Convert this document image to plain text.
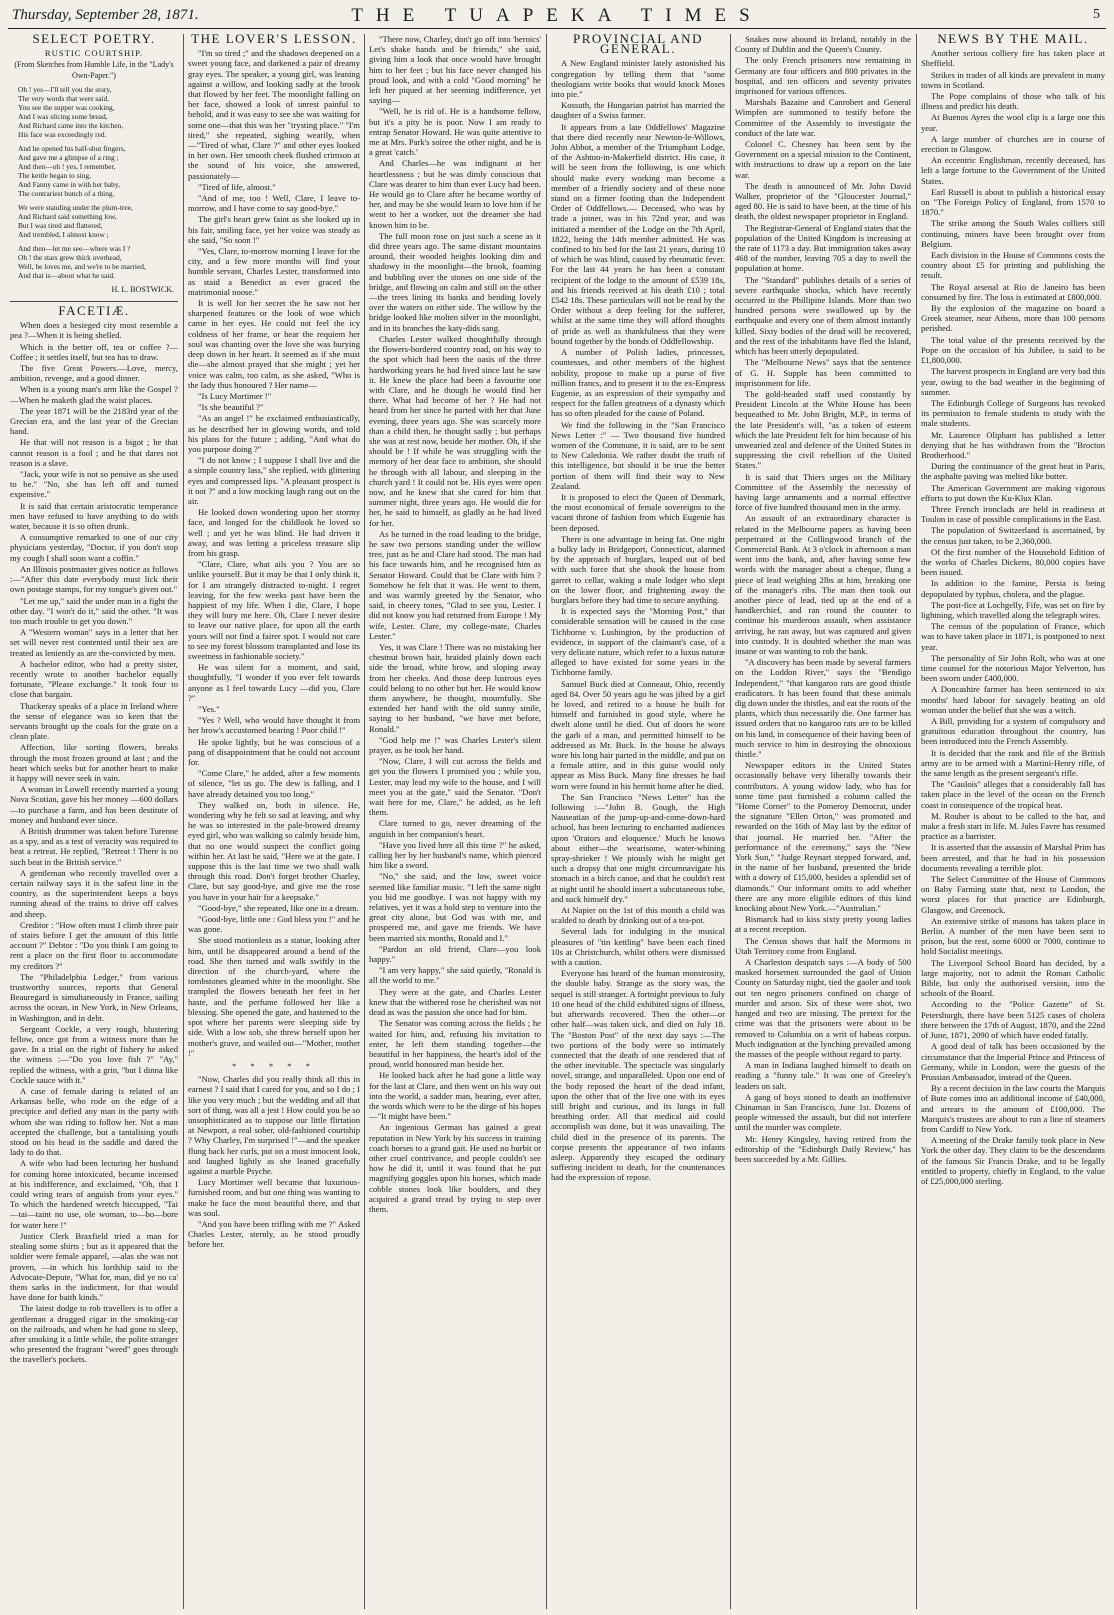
Thursday, September 28, 1871.	THE TUAPEKA TIMES	5
SELECT POETRY.
RUSTIC COURTSHIP.
(From Sketches from Humble Life, in the "Lady's Own-Paper.")
Oh ! yes—I'll tell you the story,
The very words that were said.
You see the supper was cooking,
And I was slicing some bread,
And Richard came into the kitchen,
His face was exceedingly red.
And he opened his half-shut fingers,
And gave me a glimpse of a ring ;
And then—oh ! yes, I remember,
The kettle began to sing,
And Fanny came in with her baby,
The contrariest bunch of a thing.
We were standing under the plum-tree,
And Richard said something low,
But I was tired and flattered,
And trembled, I almost know ;
And then—let me see—where was I ?
Oh ! the stars grew thick overhead,
Well, he loves me, and we're to be married,
And that is—about what he said.
H. L. BOSTWICK.
FACETIÆ.

When does a besieged city most resemble a pea ?—When it is being shelled.

Which is the better off, tea or coffee ?—Coffee ; it settles itself, but tea has to draw.

The five Great Powers.—Love, mercy, ambition, revenge, and a good dinner.

When is a young man's arm like the Gospel ?—When he maketh glad the waist places.

The year 1871 will be the 2183rd year of the Grecian era, and the last year of the Grecian hand.

He that will not reason is a bigot ; he that cannot reason is a fool ; and he that dares not reason is a slave.

"Jack, your wife is not so pensive as she used to be." "No, she has left off and turned expensive."

It is said that certain aristocratic temperance men have refused to have anything to do with water, because it is so often drunk.

A consumptive remarked to one of our city physicians yesterday, "Doctor, if you don't stop my cough I shall soon want a coffin."

An Illinois postmaster gives notice as follows :—"After this date everybody must lick their own postage stamps, for my tongue's given out."

"Let me up," said the under man in a fight the other day. "I won't do it," said the other. "It was too much trouble to get you down."

A "Western woman" says in a letter that her set will never rest contented until their sex are treated as leniently as are the-convicted by men.

A bachelor editor, who had a pretty sister, recently wrote to another bachelor equally fortunate, "Please exchange." It took four to close that bargain.

Thackeray speaks of a place in Ireland where the sense of elegance was so keen that the servants brought up the coals for the grate on a clean plate.

Affection, like sorting flowers, breaks through the most frozen ground at last ; and the heart which seeks but for another heart to make it happy will never seek in vain.

A woman in Lowell recently married a young Nova Scotian, gave his her money —600 dollars—to purchase a farm, and has been destitute of money and husband ever since.

A British drummer was taken before Turenne as a spy, and as a test of veracity was required to beat a retreat. He replied, "Retreat ! There is no such beat in the British service."

A gentleman who recently travelled over a certain railway says it is the safest line in the country, as the superintendent keeps a boys running ahead of the trains to drive off calves and sheep.

Creditor : "How often must I climb three pair of stairs before I get the amount of this little account ?" Debtor : "Do you think I am going to rent a place on the first floor to accommodate my creditors ?"

The "Philadelphia Ledger," from various trustworthy sources, reports that General Beauregard is simultaneously in France, sailing across the ocean, in New York, in New Orleans, in Washington, and in debt.

Sergeant Cockle, a very rough, blustering fellow, once got from a witness more than he gave. In a trial on the right of fishery he asked the witness :—"Do you love fish ?" "Ay," replied the witness, with a grin, "but I dinna like Cockle sauce with it."

A case of female daring is related of an Arkansas belle, who rode on the edge of a precipice and defied any man in the party with whom she was riding to follow her. Not a man accepted the challenge, but a tantalising youth stood on his head in the saddle and dared the lady to do that.

A wife who had been lecturing her husband for coming home intoxicated, became incensed at his indifference, and exclaimed, "Oh, that I could wring tears of anguish from your eyes." To which the hardened wretch hiccupped, "Tai—tai—taint no use, ole woman, to—bo—bore for water here !"

Justice Clerk Braxfield tried a man for stealing some shirts ; but as it appeared that the soldier were female apparel, —alas she was not proven, —in which his lordship said to the Advocate-Depute, "What for, man, did ye no ca' them sarks in the indictment, for that would have done for baith kinds."

The latest dodge to rob travellers is to offer a gentleman a drugged cigar in the smoking-car on the railroads, and when he had gone to sleep, after smoking it a little while, the polite stranger who presented the fragrant "weed" goes through the traveller's pockets.

THE LOVER'S LESSON.

"I'm so tired ;" and the shadows deepened on a sweet young face, and darkened a pair of dreamy gray eyes. The speaker, a young girl, was leaning against a willow, and looking sadly at the brook that flowed by her feet. The moonlight falling on her face, showed a look of unrest painful to behold, and it was easy to see she was waiting for some one—that this was her "trysting place." "I'm tired," she repeated, sighing wearily, when—"Tired of what, Clare ?" and other eyes looked in her own. Her smooth cheek flushed crimson at the sound of his voice, she answered, passionately—

"Tired of life, almost."

"And of me, too ! Well, Clare, I leave to-morrow, and I have come to say good-bye."

The girl's heart grew faint as she looked up in his fair, smiling face, yet her voice was steady as she said, "So soon !"

"Yes, Clare, to-morrow morning I leave for the city, and a few more months will find your humble servant, Charles Lester, transformed into as staid a Benedict as ever graced the matrimonial noose."

It is well for her secret the he saw not her sharpened features or the look of woe which came in her eyes. He could not feel the icy coldness of her frame, or hear the requiem her soul was chanting over the love she was burying deep down in her heart. It seemed as if she must die—she almost prayed that she might ; yet her voice was calm, too calm, as she asked, "Who is the lady thus honoured ? Her name—

"Is Lucy Mortimer !"

"Is she beautiful ?"

"As an angel !" he exclaimed enthusiastically, as he described her in glowing words, and told his plans for the future ; adding, "And what do you purpose doing ?"

"I do not know ; I suppose I shall live and die a simple country lass," she replied, with glittering eyes and compressed lips. "A pleasant prospect is it not ?" and a low mocking laugh rang out on the air.

He looked down wondering upon her stormy face, and longed for the childlook he loved so well ; and yet he was blind. He had driven it away, and was letting a priceless treasure slip from his grasp.

"Clare, Clare, what ails you ? You are so unlike yourself. But it may be that I only think it, for I am strangely distracted to-night. I regret leaving, for the few weeks past have been the happiest of my life. When I die, Clare, I hope they will bury me here. Oh, Clare I never desire to leave our native place, for upon all the earth yours will not find a fairer spot. I would not care to see my forest blossom transplanted and lose its sweetness in fashionable society."

He was silent for a moment, and said, thoughtfully, "I wonder if you ever felt towards anyone as I feel towards Lucy —did you, Clare ?"

"Yes."

"Yes ? Well, who would have thought it from her brow's accustomed bearing ! Poor child !"

He spoke lightly, but he was conscious of a pang of disappointment that he could not account for.

"Come Clare," he added, after a few moments of silence, "let us go. The dew is falling, and I have already detained you too long."

They walked on, both in silence. He, wondering why he felt so sad at leaving, and why he was so interested in the pale-browed dreamy eyed girl, who was walking so calmly beside him, that no one would suspect the conflict going within her. At last he said, "Here we at the gate. I suppose this is the last time we two shall walk through this road. Don't forget brother Charley, Clare, but say good-bye, and give me the rose you have in your hair for a keepsake."

"Good-bye," she repeated, like one in a dream.

"Good-bye, little one : God bless you !" and he was gone.

She stood motionless as a statue, looking after him, until he disappeared around a bend of the road. She then turned and walk swiftly in the direction of the church-yard, where the tombstones gleamed white in the moonlight. She trampled the flowers beneath her feet in her haste, and the perfume followed her like a blessing. She opened the gate, and hastened to the spot where her parents were sleeping side by side. With a low sob, she threw herself upon her mother's grave, and wailed out—"Mother, mother !"

* * * * *

"Now, Charles did you really think all this in earnest ? I said that I cared for you, and so I do ; I like you very much ; but the wedding and all that sort of thing, was all a jest ! How could you be so unsophisticated as to suppose our little flirtation at Newport, a real sober, old-fashioned courtship ? Why Charley, I'm surprised !"—and the speaker flung back her curls, put on a most innocent look, and laughed lightly as she leaned gracefully against a marble Psyche.

Lucy Mortimer well became that luxurious-furnished room, and but one thing was wanting to make he face the most beautiful there, and that was soul.

"And you have been trifling with me ?" Asked Charles Lester, sternly, as he stood proudly before her.

"There now, Charley, don't go off into 'heroics' Let's shake hands and be friends," she said, giving him a look that once would have brought him to her feet ; but his face never changed his proud look, and with a cold "Good morning" he left her piqued at her seeming indifference, yet saying—

"Well, he is rid of. He is a handsome fellow, but it's a pity he is poor. Now I am ready to entrap Senator Howard. He was quite attentive to me at Mrs. Park's soiree the other night, and he is a great 'catch.'

And Charles—he was indignant at her heartlessness ; but he was dimly conscious that Clare was dearer to him than ever Lucy had been. He would go to Clare after he became worthy of her, and may be she would learn to love him if he went to her a worker, not the dreamer she had known him to be.

The full moon rose on just such a scene as it did three years ago. The same distant mountains around, their wooded heights looking dim and shadowy in the moonlight—the brook, foaming and bubbling over the stones on one side of the bridge, and flowing on calm and still on the other—the trees lining its banks and bending lovely over the waters on either side. The willow by the bridge looked like molten silver in the moonlight, and in its branches the katy-dids sang.

Charles Lester walked thoughtfully through the flowers-bordered country road, on his way to the spot which had been the oasis of the three hardworking years he had lived since last he saw it. He knew the place had been a favourite one with Clare, and he though he would find her there. What had become of her ? He had not heard from her since he parted with her that June evening, three years ago. She was scarcely more than a child then, he thought sadly ; but perhaps she was at rest now, beside her mother. Oh, if she should be ! If while he was struggling with the memory of her dear face to ambition, she should be through with all labour, and sleeping in the church yard ! It could not be. His eyes were open now, and he knew that she cared for him that summer night, three years ago. He would die for her, he said to himself, as gladly as he had lived for her.

As he turned in the road leading to the bridge, he saw two persons standing under the willow tree, just as he and Clare had stood. The man had his face towards him, and he recognised him as Senator Howard. Could that be Clare with him ? Somehow he felt that it was. He went to them, and was warmly greeted by the Senator, who said, in cheery tones, "Glad to see you, Lester. I did not know you had returned from Europe ! My wife, Lester. Clare, my college-mate, Charles Lester."

Yes, it was Clare ! There was no mistaking her chestnut brown hair, braided plainly down each side the broad, white brow, and sloping away from her cheeks. And those deep lustrous eyes could belong to no other but her. He would know them anywhere, he thought, mournfully. She extended her hand with the old sunny smile, saying to her husband, "we have met before, Ronald."

"God help me !" was Charles Lester's silent prayer, as he took her hand.

"Now, Clare, I will cut across the fields and get you the flowers I promised you ; while you, Lester, may lead my wife to the house, and I will meet you at the gate," said the Senator. "Don't wait here for me, Clare," he added, as he left them.

Clare turned to go, never dreaming of the anguish in her companion's heart.

"Have you lived here all this time ?" he asked, calling her by her husband's name, which pierced him like a sword.

"No," she said, and the low, sweet voice seemed like familiar music. "I left the same night you bid me goodbye. I was not happy with my relatives, yet it was a bold step to venture into the great city alone, but God was with me, and prospered me, and gave me friends. We have been married six months, Ronald and I."

"Pardon an old friend, Clare—you look happy."

"I am very happy," she said quietly, "Ronald is all the world to me."

They were at the gate, and Charles Lester knew that the withered rose he cherished was not dead as was the passion she once had for him.

The Senator was coming across the fields ; he waited for him, and, refusing his invitation to enter, he left them standing together—the beautiful in her happiness, the heart's idol of the proud, world honoured man beside her.

He looked back after he had gone a little way for the last at Clare, and then went on his way out into the world, a sadder man, bearing, ever after, the words which were to be the dirge of his hopes—"It might have been."

An ingenious German has gained a great reputation in New York by his success in training coach horses to a grand gait. He used no burbit or other cruel contrivance, and people couldn't see how he did it, until it was found that he put magnifying goggles upon his horses, which made cobble stones look like boulders, and they acquired a grand tread by trying to step over them.

PROVINCIAL AND GENERAL.

A New England minister lately astonished his congregation by telling them that "some theologians write books that would knock Moses into pie."

Kossuth, the Hungarian patriot has married the daughter of a Swiss farmer.

It appears from a late Oddfellows' Magazine that there died recently near Newton-le-Willows, John Abbot, a member of the Triumphant Lodge, of the Ashton-in-Makerfield district. His case, it will be seen from the following, is one which should make every working man become a member of a friendly society and of these none stand on a firmer footing than the Independent Order of Oddfellows.— Deceased, who was by trade a joiner, was in his 72nd year, and was initiated a member of the Lodge on the 7th April, 1822, being the 14th member admitted. He was confined to his bed for the last 21 years, during 10 of which he was blind, caused by rheumatic fever. For the last 44 years he has been a constant recipient of the lodge to the amount of £539 18s, and his friends received at his death £10 ; total £542 18s. These particulars will not be read by the Order without a deep feeling for the sufferer, whilst at the same time they will afford thoughts of pride as well as thankfulness that they were bound together by the bonds of Oddfellowship.

A number of Polish ladies, princesses, countesses, and other members of the highest nobility, propose to make up a purse of five million francs, and to present it to the ex-Empress Eugenie, as an expression of their sympathy and respect for the fallen greatness of a dynasty which has so often pleaded for the cause of Poland.

We find the following in the "San Francisco News Letter :" — Two thousand five hundred women of the Commune, it is said, are to be sent to New Caledonia. We rather doubt the truth of this intelligence, but should it be true the better portion of them will find their way to New Zealand.

It is proposed to elect the Queen of Denmark, the most economical of female sovereigns to the vacant throne of fashion from which Eugenie has been deposed.

There is one advantage in being fat. One night a bulky lady in Bridgeport, Connecticut, alarmed by the approach of burglars, leaped out of bed with such force that she shook the house from garret to cellar, waking a male lodger who slept on the lower floor, and frightening away the burglars before they had time to secure anything.

It is expected says the "Morning Post," that considerable sensation will be caused in the case Tichborne v. Lushington, by the production of evidence, in support of the claimant's case, of a very delicate nature, which refer to a luxus naturæ alleged to have existed for some years in the Tichborne family.

Samuel Buck died at Conneaut, Ohio, recently aged 84. Over 50 years ago he was jilted by a girl he loved, and retired to a house he built for himself and furnished in good style, where he dwelt alone until he died. Out of doors he wore the garb of a man, and permitted himself to be addressed as Mr. Buck. In the house he always wore his long hair parted in the middle, and put on a female attire, and in this guise would only appear as Miss Buck. Many fine dresses he had worn were found in his hermit home after he died.

The San Francisco "News Letter" has the following :—"John B. Gough, the High Nauseatian of the jump-up-and-come-down-hard school, has been lecturing to enchanted audiences upon 'Orators and eloquence.' Much he knows about either—the wearisome, water-whining spray-shrieker ! We piously wish he might get such a dropsy that one might circumnavigate his stomach in a birch canoe, and that he couldn't rest at night until he should insert a subcutaneous tube, and suck himself dry."

At Napier on the 1st of this month a child was scalded to death by drinking out of a tea-pot.

Several lads for indulging in the musical pleasures of "tin kettling" have been each fined 10s at Christchurch, whilst others were dismissed with a caution.

Everyone has heard of the human monstrosity, the double baby. Strange as the story was, the sequel is still stranger. A fortnight previous to July 10 one head of the child exhibited signs of illness, but afterwards recovered. Then the other—or other half—was taken sick, and died on July 18. The "Boston Post" of the next day says :—The two portions of the body were so intimately connected that the death of one rendered that of the other inevitable. The spectacle was singularly novel, strange, and unparalleled. Upon one end of the body reposed the heart of the dead infant, upon the other that of the live one with its eyes still bright and curious, and its lungs in full breathing order. All that medical aid could accomplish was done, but it was unavailing. The child died in the presence of its parents. The corpse presents the appearance of two infants asleep. Apparently they escaped the ordinary suffering incident to death, for the countenances had the expression of repose.

Snakes now abound in Ireland, notably in the County of Dublin and the Queen's County.

The only French prisoners now remaining in Germany are four officers and 800 privates in the hospital, and ten officers and seventy privates imprisoned for various offences.

Marshals Bazaine and Canrobert and General Wimpfen are summoned to testify before the Committee of the Assembly to investigate the conduct of the late war.

Colonel C. Chesney has been sent by the Government on a special mission to the Continent, with instructions to draw up a report on the late war.

The death is announced of Mr. John David Walker, proprietor of the "Gloucester Journal," aged 80. He is said to have been, at the time of his death, the oldest newspaper proprietor in England.

The Registrar-General of England states that the population of the United Kingdom is increasing at the rate of 1173 a day. But immigration takes away 468 of the number, leaving 705 a day to swell the population at home.

The "Standard" publishes details of a series of severe earthquake shocks, which have recently occurred in the Phillipine Islands. More than two hundred persons were swallowed up by the earthquake and every one of them almost instantly killed. Sixty bodies of the dead will be recovered, and the rest of the inhabitants have fled the Island, which has been utterly depopulated.

The "Melbourne News" says that the sentence of G. H. Supple has been committed to imprisonment for life.

The gold-headed staff used constantly by President Lincoln at the White House has been bequeathed to Mr. John Bright, M.P., in terms of the late President's will, "as a token of esteem which the late President felt for him because of his unwearied zeal and defence of the United States in suppressing the civil rebellion of the United States."

It is said that Thiers urges on the Military Committee of the Assembly the necessity of having large armaments and a normal effective force of five hundred thousand men in the army.

An assault of an extraordinary character is related in the Melbourne papers as having been perpetrated at the Collingwood branch of the Commercial Bank. At 3 o'clock in afternoon a man went into the bank, and, after having some few words with the manager about a cheque, flung a piece of lead weighing 2lbs at him, breaking one of the manager's ribs. The man then took out another piece of lead, tied up at the end of a handkerchief, and ran round the counter to continue his murderous assault, when assistance arriving, he ran away, but was captured and given into custody. It is doubted whether the man was insane or was wanting to rob the bank.

"A discovery has been made by several farmers on the Loddon River," says the "Bendigo Independent," "that kangaroo rats are good thistle eradicators. It has been found that these animals dig down under the thistles, and eat the roots of the plants, which thus necessarily die. One farmer has issued orders that no kangaroo rats are to be killed on his land, in consequence of their having been of much service to him in destroying the obnoxious thistle."

Newspaper editors in the United States occasionally behave very liberally towards their contributors. A young widow lady, who has for some time past furnished a column called the "Home Corner" to the Pomeroy Democrat, under the signature "Ellen Orton," was promoted and rewarded on the 16th of May last by the editor of that journal. He married her. "After the performance of the ceremony," says the "New York Sun," "Judge Reynart stepped forward, and, in the name of her husband, presented the bride with a dowry of £15,000, besides a splendid set of diamonds." Our informant omits to add whether there are any more eligible editors of this kind knocking about New York.—"Australian."

Bismarck had to kiss sixty pretty young ladies at a recent reception.

The Census shows that half the Mormons in Utah Territory come from England.

A Charleston despatch says :—A body of 500 masked horsemen surrounded the gaol of Union County on Saturday night, tied the gaoler and took out ten negro prisoners confined on charge of murder and arson. Six of these were shot, two hanged and two are missing. The pretext for the crime was that the prisoners were about to be removed to Columbia on a writ of habeas corpus. Much indignation at the lynching prevailed among the masses of the people without regard to party.

A man in Indiana laughed himself to death on reading a "funny tale." It was one of Greeley's leaders on salt.

A gang of boys stoned to death an inoffensive Chinaman in San Francisco, June 1st. Dozens of people witnessed the assault, but did not interfere until the murder was complete.

Mr. Henry Kingsley, having retired from the editorship of the "Edinburgh Daily Review," has been succeeded by a Mr. Gillies.

NEWS BY THE MAIL.

Another serious colliery fire has taken place at Sheffield.

Strikes in trades of all kinds are prevalent in many towns in Scotland.

The Pope complains of those who talk of his illness and predict his death.

At Buenos Ayres the wool clip is a large one this year.

A large number of churches are in course of erection in Glasgow.

An eccentric Englishman, recently deceased, has left a large fortune to the Government of the United States.

Earl Russell is about to publish a historical essay on "The Foreign Policy of England, from 1570 to 1870."

The strike among the South Wales colliers still continuing, miners have been brought over from Belgium.

Each division in the House of Commons costs the country about £5 for printing and publishing the result.

The Royal arsenal at Rio de Janeiro has been consumed by fire. The loss is estimated at £800,000.

By the explosion of the magazine on board a Greek steamer, near Athens, more than 100 persons perished.

The total value of the presents received by the Pope on the occasion of his Jubilee, is said to be £1,800,000.

The harvest prospects in England are very bad this year, owing to the bad weather in the beginning of summer.

The Edinburgh College of Surgeons has revoked its permission to female students to study with the male students.

Mr. Laurence Oliphant has published a letter denying that he has withdrawn from the "Brocton Brotherhood."

During the continuance of the great heat in Paris, the asphalte paving was melted like butter.

The American Government are making vigorous efforts to put down the Ku-Klux Klan.

Three French ironclads are held in readiness at Toulon in case of possible complications in the East.

The population of Switzerland is ascertained, by the census just taken, to be 2,360,000.

Of the first number of the Household Edition of the works of Charles Dickens, 80,000 copies have been issued.

In addition to the famine, Persia is being depopulated by typhus, cholera, and the plague.

The post-fice at Lochgelly, Fife, was set on fire by lightning, which travelled along the telegraph wires.

The census of the population of France, which was to have taken place in 1871, is postponed to next year.

The personality of Sir John Rolt, who was at one time counsel for the notorious Major Yelverton, has been sworn under £400,000.

A Doncashire farmer has been sentenced to six months' hard labour for savagely beating an old woman under the belief that she was a witch.

A Bill, providing for a system of compulsory and gratuitous education throughout the country, has been introduced into the French Assembly.

It is decided that the rank and file of the British army are to be armed with a Martini-Henry rifle, of the same length as the present sergeant's rifle.

The "Gaulois" alleges that a considerably fall has taken place in the level of the ocean on the French coast in consequence of the tropical heat.

M. Rouher is about to be called to the bar, and make a fresh start in life. M. Jules Favre has resumed practice as a barrister.

It is asserted that the assassin of Marshal Prim has been arrested, and that he had in his possession documents revealing a terrible plot.

The Select Committee of the House of Commons on Baby Farming state that, next to London, the worst places for that practice are Edinburgh, Glasgow, and Greenock.

An extensive strike of masons has taken place in Berlin. A number of the men have been sent to prison, but the rest, some 6000 or 7000, continue to hold Socialist meetings.

The Liverpool School Board has decided, by a large majority, not to admit the Roman Catholic Bible, but only the authorised version, into the schools of the Board.

According to the "Police Gazette" of St. Petersburgh, there have been 5125 cases of cholera there between the 17th of August, 1870, and the 22nd of June, 1871, 2090 of which have ended fatally.

A good deal of talk has been occasioned by the circumstance that the Imperial Prince and Princess of Germany, while in London, were the guests of the Prussian Ambassador, instead of the Queen.

By a recent decision in the law courts the Marquis of Bute comes into an additional income of £40,000, and arrears to the amount of £100,000. The Marquis's trustees are about to run a line of steamers from Cardiff to New York.

A meeting of the Drake family took place in New York the other day. They claim to be the descendants of the famous Sir Francis Drake, and to be legally entitled to property, chiefly in England, to the value of £25,000,000 sterling.
